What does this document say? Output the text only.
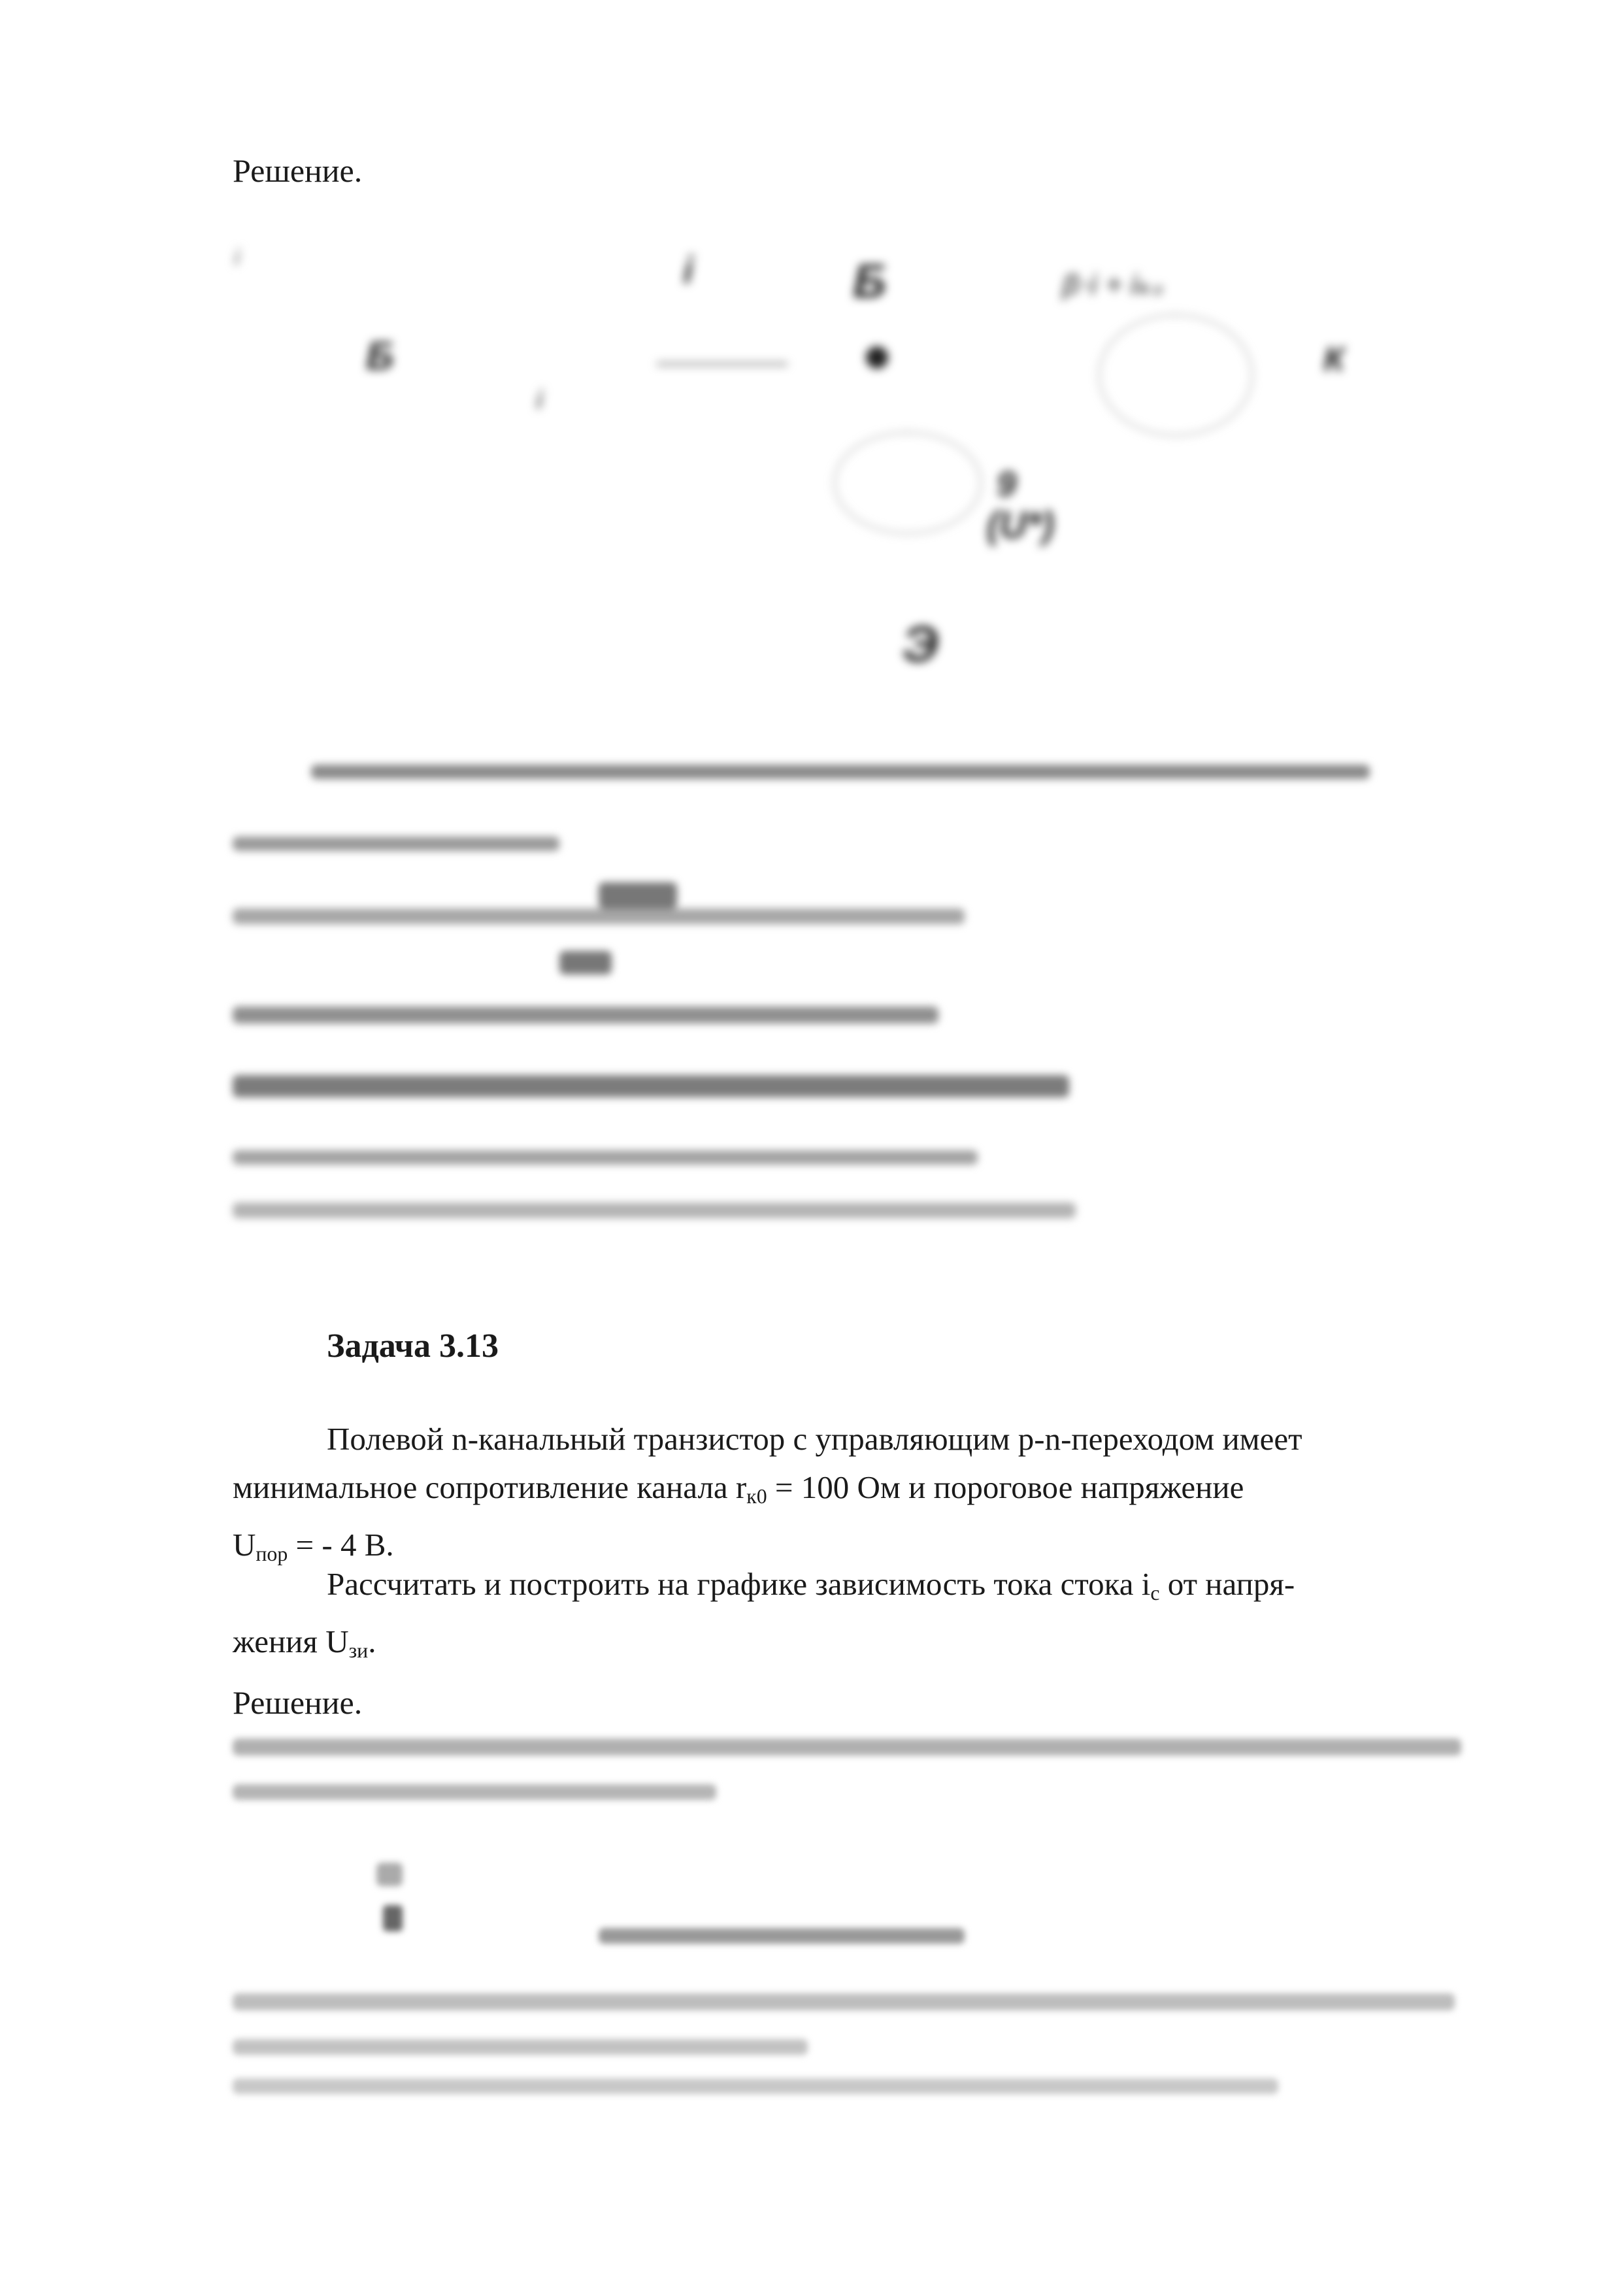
Решение.
i
Б
i	Б	β·i + iₖ₀
К
i
9
(U*)
Э
Задача 3.13
Полевой n-канальный транзистор с управляющим p-n-переходом имеет
минимальное сопротивление канала $r_{к0} = 100$ Ом и пороговое напряжение
$U_{пор}$ = - 4 В.
Рассчитать и построить на графике зависимость тока стока $i_с$ от напря-
жения $U_{зи}$.
Решение.
